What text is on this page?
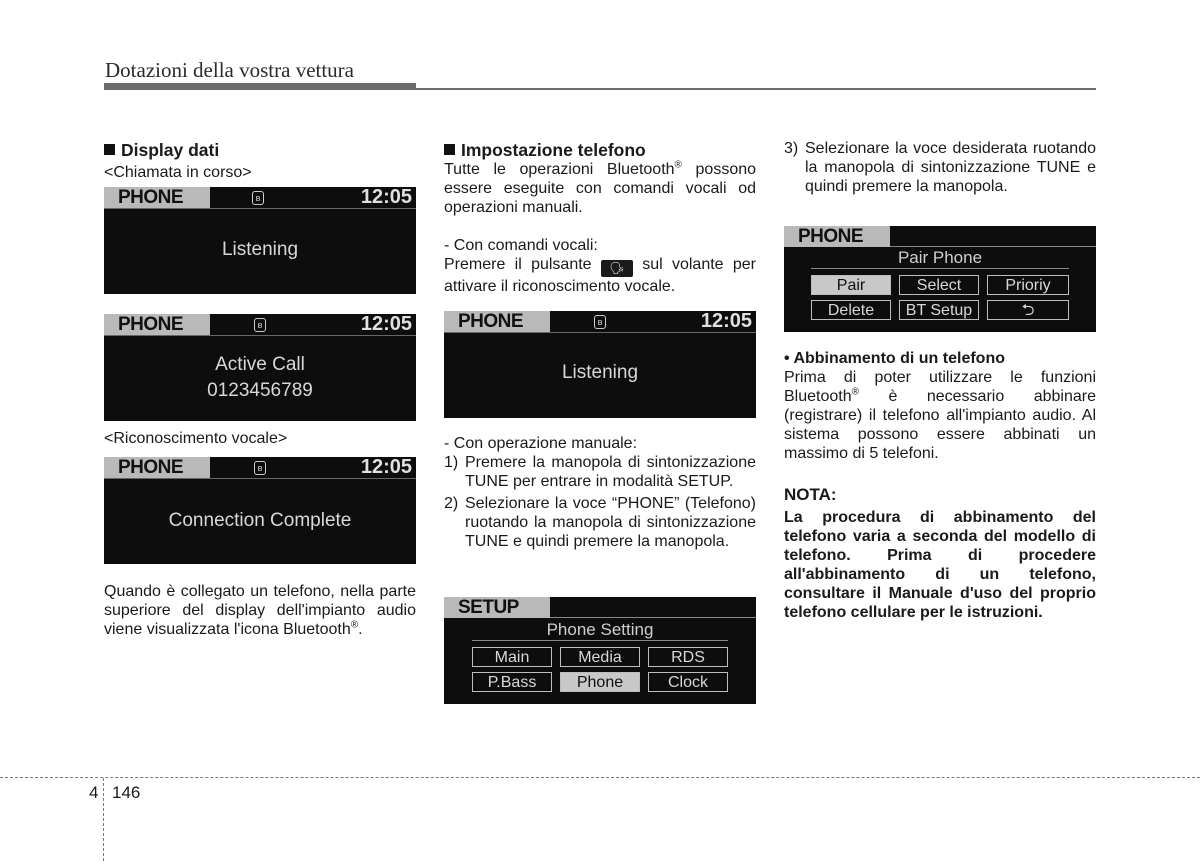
Dotazioni della vostra vettura
Display dati
<Chiamata in corso>
PHONE	ʙ	12:05
Listening
PHONE	ʙ	12:05
Active Call
0123456789
<Riconoscimento vocale>
PHONE	ʙ	12:05
Connection Complete
Quando è collegato un telefono, nella parte superiore del display dell'impianto audio viene visualizzata l'icona Bluetooth®.
Impostazione telefono

Tutte le operazioni Bluetooth® possono essere eseguite con comandi vocali od operazioni manuali.

- Con comandi vocali:

Premere il pulsante 🗣 sul volante per attivare il riconoscimento vocale.

PHONE	ʙ	12:05
Listening

- Con operazione manuale:

1) Premere la manopola di sintonizzazione TUNE per entrare in modalità SETUP.
2) Selezionare la voce “PHONE” (Telefono) ruotando la manopola di sintonizzazione TUNE e quindi premere la manopola.
SETUP
Phone Setting
Main	Media	RDS
P.Bass	Phone	Clock
3) Selezionare la voce desiderata ruotando la manopola di sintonizzazione TUNE e quindi premere la manopola.
PHONE
Pair Phone
Pair	Select	Prioriy
Delete	BT Setup	⮌

• Abbinamento di un telefono

Prima di poter utilizzare le funzioni Bluetooth® è necessario abbinare (registrare) il telefono all'impianto audio. Al sistema possono essere abbinati un massimo di 5 telefoni.

NOTA:

La procedura di abbinamento del telefono varia a seconda del modello di telefono. Prima di procedere all'abbinamento di un telefono, consultare il Manuale d'uso del proprio telefono cellulare per le istruzioni.

4 146
